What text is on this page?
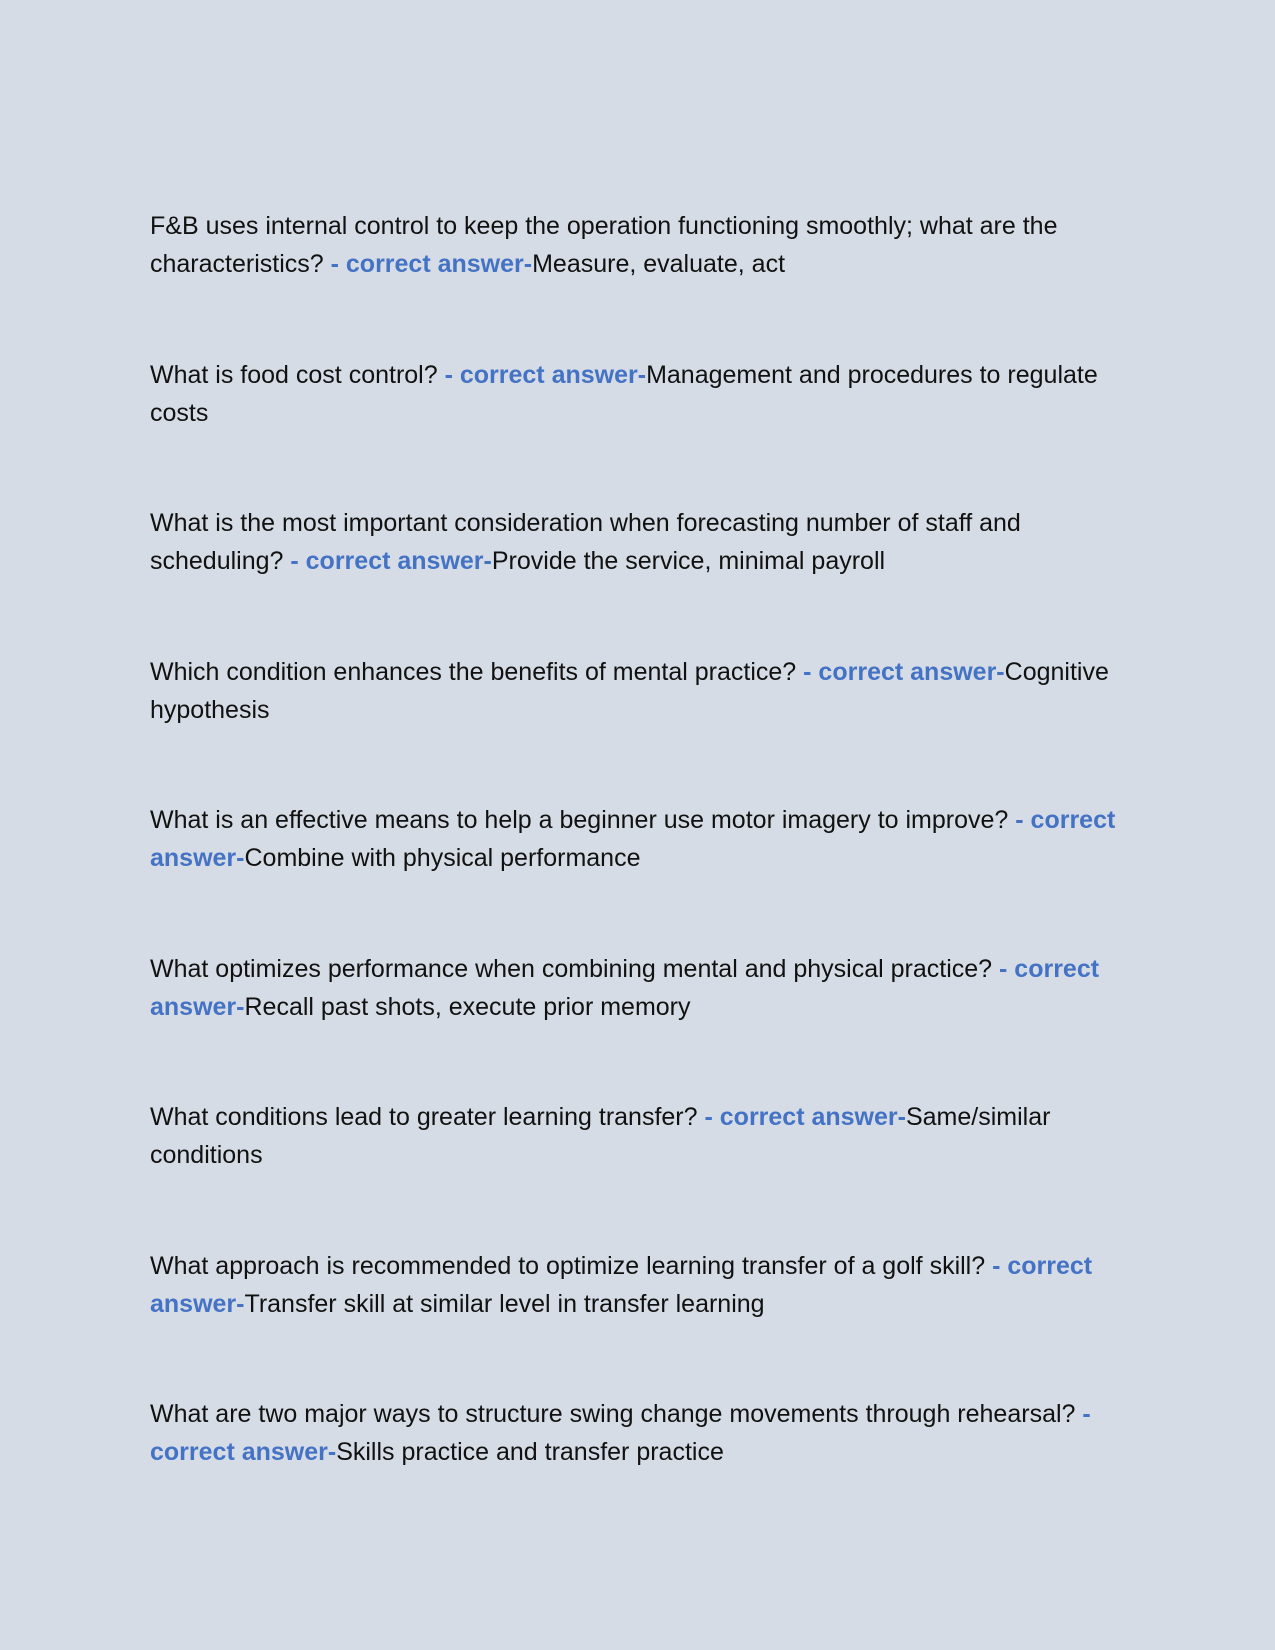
F&B uses internal control to keep the operation functioning smoothly; what are the characteristics? - correct answer-Measure, evaluate, act
What is food cost control? - correct answer-Management and procedures to regulate costs
What is the most important consideration when forecasting number of staff and scheduling? - correct answer-Provide the service, minimal payroll
Which condition enhances the benefits of mental practice? - correct answer-Cognitive hypothesis
What is an effective means to help a beginner use motor imagery to improve? - correct answer-Combine with physical performance
What optimizes performance when combining mental and physical practice? - correct answer-Recall past shots, execute prior memory
What conditions lead to greater learning transfer? - correct answer-Same/similar conditions
What approach is recommended to optimize learning transfer of a golf skill? - correct answer-Transfer skill at similar level in transfer learning
What are two major ways to structure swing change movements through rehearsal? - correct answer-Skills practice and transfer practice
